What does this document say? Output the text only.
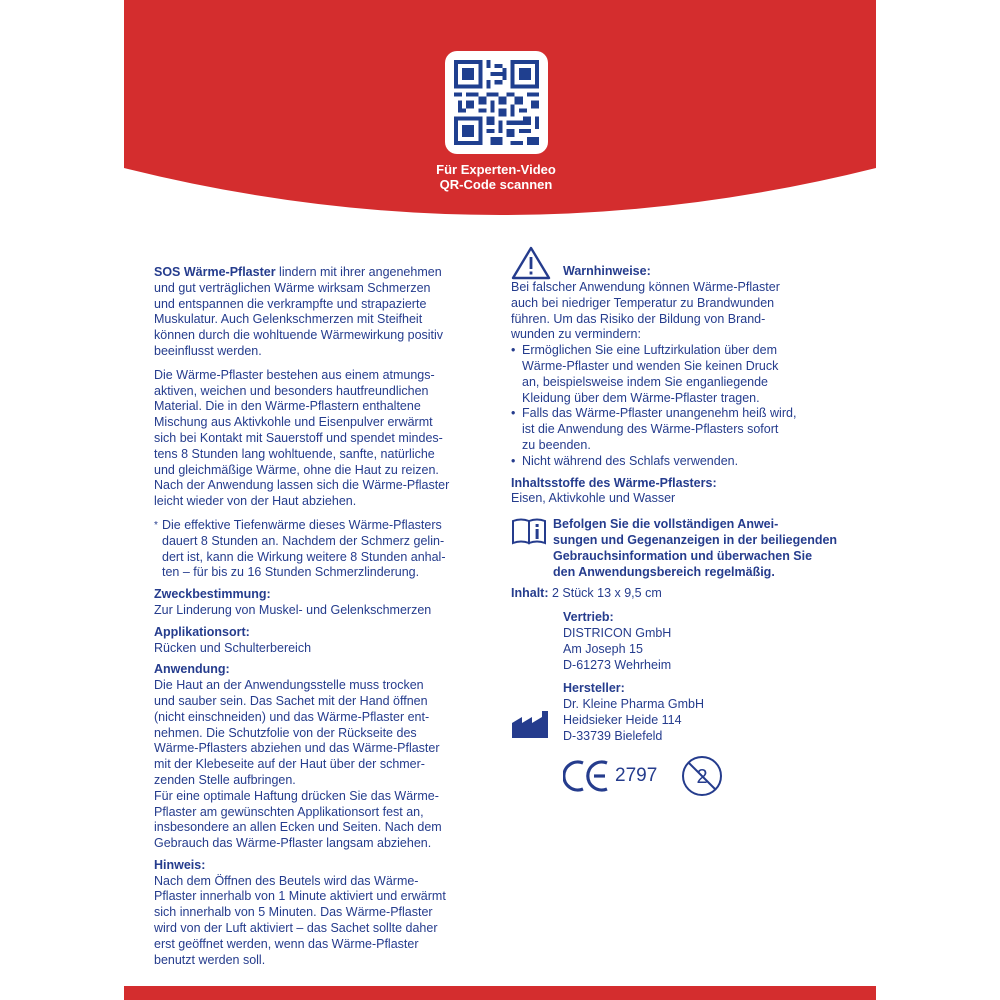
Für Experten-Video
QR-Code scannen

SOS Wärme-Pflaster lindern mit ihrer angenehmen
und gut verträglichen Wärme wirksam Schmerzen
und entspannen die verkrampfte und strapazierte
Muskulatur. Auch Gelenkschmerzen mit Steifheit
können durch die wohltuende Wärmewirkung positiv
beeinflusst werden.

Die Wärme-Pflaster bestehen aus einem atmungs-
aktiven, weichen und besonders hautfreundlichen
Material. Die in den Wärme-Pflastern enthaltene
Mischung aus Aktivkohle und Eisenpulver erwärmt
sich bei Kontakt mit Sauerstoff und spendet mindes-
tens 8 Stunden lang wohltuende, sanfte, natürliche
und gleichmäßige Wärme, ohne die Haut zu reizen.
Nach der Anwendung lassen sich die Wärme-Pflaster
leicht wieder von der Haut abziehen.

* Die effektive Tiefenwärme dieses Wärme-Pflasters
dauert 8 Stunden an. Nachdem der Schmerz gelin-
dert ist, kann die Wirkung weitere 8 Stunden anhal-
ten – für bis zu 16 Stunden Schmerzlinderung.
Zweckbestimmung:
Zur Linderung von Muskel- und Gelenkschmerzen
Applikationsort:
Rücken und Schulterbereich
Anwendung:
Die Haut an der Anwendungsstelle muss trocken
und sauber sein. Das Sachet mit der Hand öffnen
(nicht einschneiden) und das Wärme-Pflaster ent-
nehmen. Die Schutzfolie von der Rückseite des
Wärme-Pflasters abziehen und das Wärme-Pflaster
mit der Klebeseite auf der Haut über der schmer-
zenden Stelle aufbringen.
Für eine optimale Haftung drücken Sie das Wärme-
Pflaster am gewünschten Applikationsort fest an,
insbesondere an allen Ecken und Seiten. Nach dem
Gebrauch das Wärme-Pflaster langsam abziehen.
Hinweis:
Nach dem Öffnen des Beutels wird das Wärme-
Pflaster innerhalb von 1 Minute aktiviert und erwärmt
sich innerhalb von 5 Minuten. Das Wärme-Pflaster
wird von der Luft aktiviert – das Sachet sollte daher
erst geöffnet werden, wenn das Wärme-Pflaster
benutzt werden soll.
Warnhinweise:
Bei falscher Anwendung können Wärme-Pflaster
auch bei niedriger Temperatur zu Brandwunden
führen. Um das Risiko der Bildung von Brand-
wunden zu vermindern:
• Ermöglichen Sie eine Luftzirkulation über dem
Wärme-Pflaster und wenden Sie keinen Druck
an, beispielsweise indem Sie enganliegende
Kleidung über dem Wärme-Pflaster tragen.
• Falls das Wärme-Pflaster unangenehm heiß wird,
ist die Anwendung des Wärme-Pflasters sofort
zu beenden.
• Nicht während des Schlafs verwenden.
Inhaltsstoffe des Wärme-Pflasters:
Eisen, Aktivkohle und Wasser
Befolgen Sie die vollständigen Anwei-
sungen und Gegenanzeigen in der beiliegenden
Gebrauchsinformation und überwachen Sie
den Anwendungsbereich regelmäßig.
Inhalt: 2 Stück 13 x 9,5 cm
Vertrieb:
DISTRICON GmbH
Am Joseph 15
D-61273 Wehrheim
Hersteller:
Dr. Kleine Pharma GmbH
Heidsieker Heide 114
D-33739 Bielefeld
2797 2
